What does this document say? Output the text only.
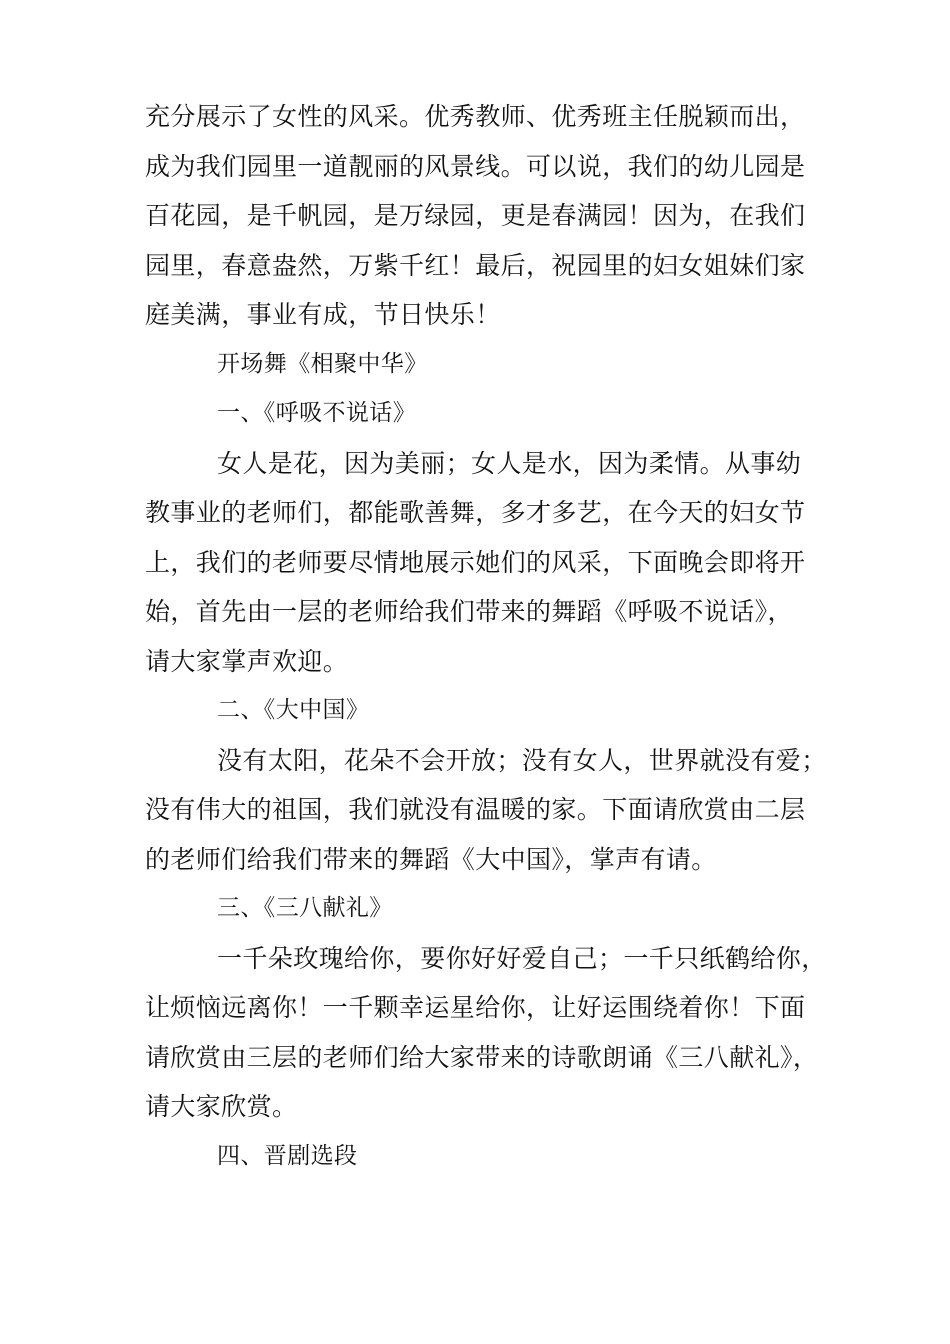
充分展示了女性的风采。优秀教师、优秀班主任脱颖而出，
成为我们园里一道靓丽的风景线。可以说，我们的幼儿园是
百花园，是千帆园，是万绿园，更是春满园！因为，在我们
园里，春意盎然，万紫千红！最后，祝园里的妇女姐妹们家
庭美满，事业有成，节日快乐！
开场舞《相聚中华》
一、《呼吸不说话》
女人是花，因为美丽；女人是水，因为柔情。从事幼
教事业的老师们，都能歌善舞，多才多艺，在今天的妇女节
上，我们的老师要尽情地展示她们的风采，下面晚会即将开
始，首先由一层的老师给我们带来的舞蹈《呼吸不说话》，
请大家掌声欢迎。
二、《大中国》
没有太阳，花朵不会开放；没有女人，世界就没有爱；
没有伟大的祖国，我们就没有温暖的家。下面请欣赏由二层
的老师们给我们带来的舞蹈《大中国》，掌声有请。
三、《三八献礼》
一千朵玫瑰给你，要你好好爱自己；一千只纸鹤给你，
让烦恼远离你！一千颗幸运星给你，让好运围绕着你！下面
请欣赏由三层的老师们给大家带来的诗歌朗诵《三八献礼》，
请大家欣赏。
四、晋剧选段
